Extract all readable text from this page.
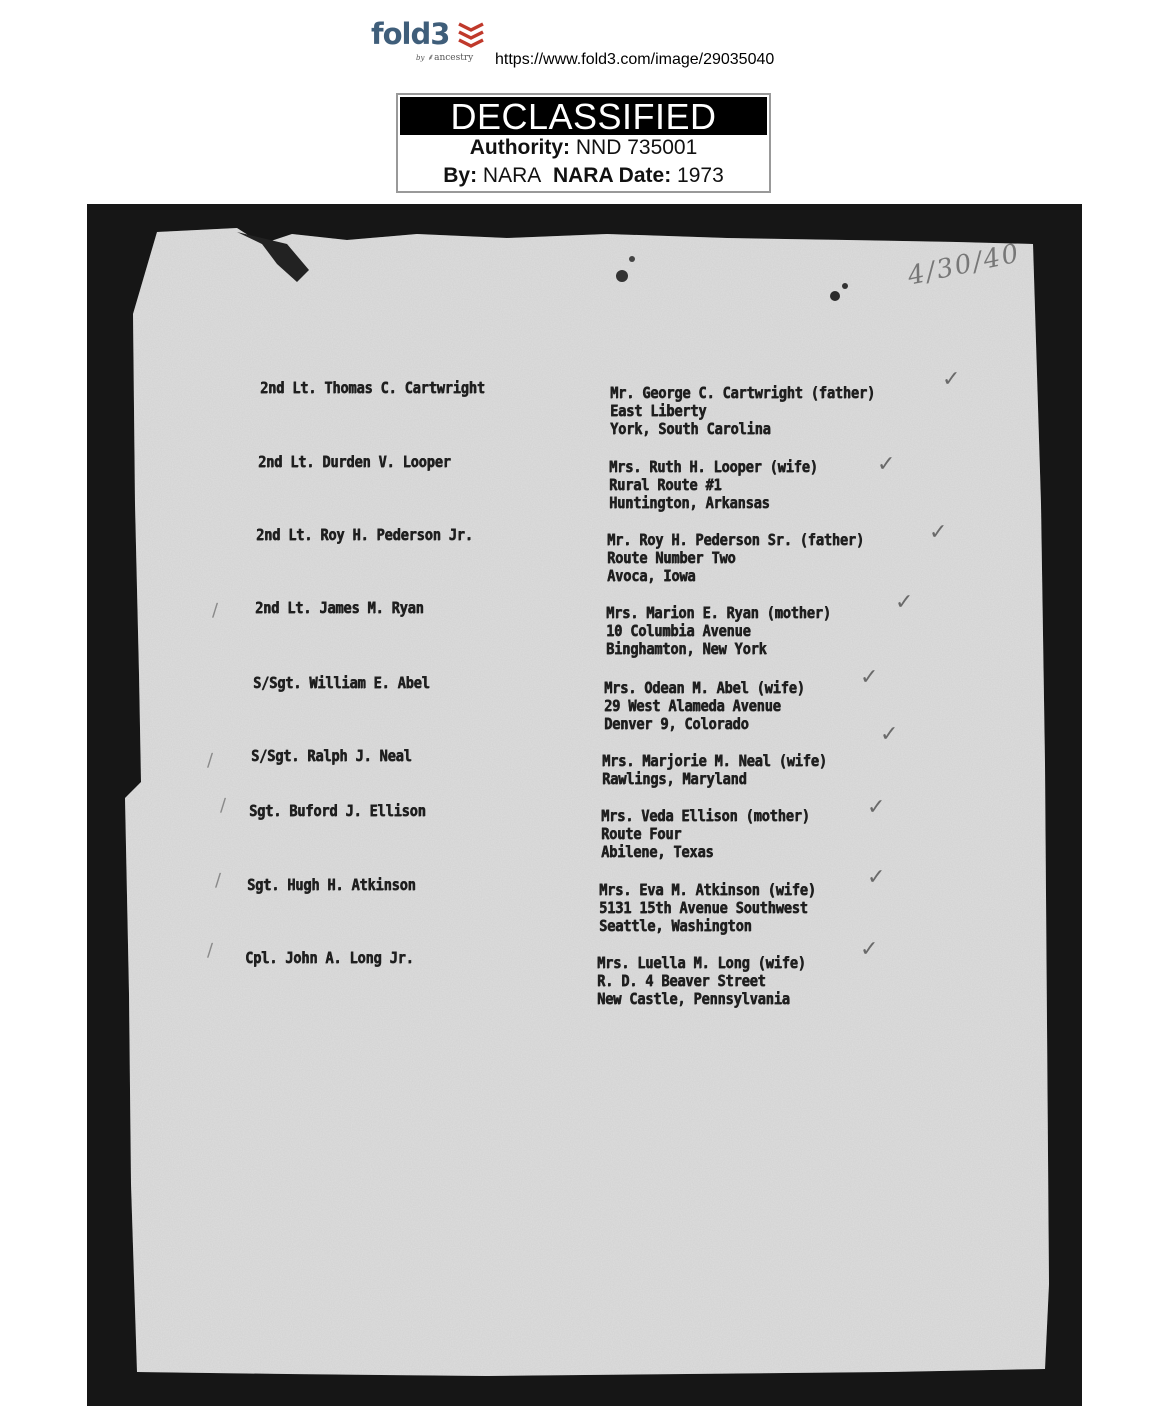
fold3
by ⸙ancestry https://www.fold3.com/image/29035040
DECLASSIFIED
Authority: NND 735001
By: NARA NARA Date: 1973
4/30/40
2nd Lt. Thomas C. Cartwright	Mr. George C. Cartwright (father)
East Liberty
York, South Carolina
✓
2nd Lt. Durden V. Looper	Mrs. Ruth H. Looper (wife)
Rural Route #1
Huntington, Arkansas
✓
2nd Lt. Roy H. Pederson Jr.	Mr. Roy H. Pederson Sr. (father)
Route Number Two
Avoca, Iowa
✓
2nd Lt. James M. Ryan	Mrs. Marion E. Ryan (mother)
10 Columbia Avenue
Binghamton, New York
✓
S/Sgt. William E. Abel	Mrs. Odean M. Abel (wife)
29 West Alameda Avenue
Denver 9, Colorado
✓
S/Sgt. Ralph J. Neal	Mrs. Marjorie M. Neal (wife)
Rawlings, Maryland
✓
Sgt. Buford J. Ellison	Mrs. Veda Ellison (mother)
Route Four
Abilene, Texas
✓
Sgt. Hugh H. Atkinson	Mrs. Eva M. Atkinson (wife)
5131 15th Avenue Southwest
Seattle, Washington
✓
Cpl. John A. Long Jr.	Mrs. Luella M. Long (wife)
R. D. 4 Beaver Street
New Castle, Pennsylvania
✓
∕
∕
∕
∕
∕
